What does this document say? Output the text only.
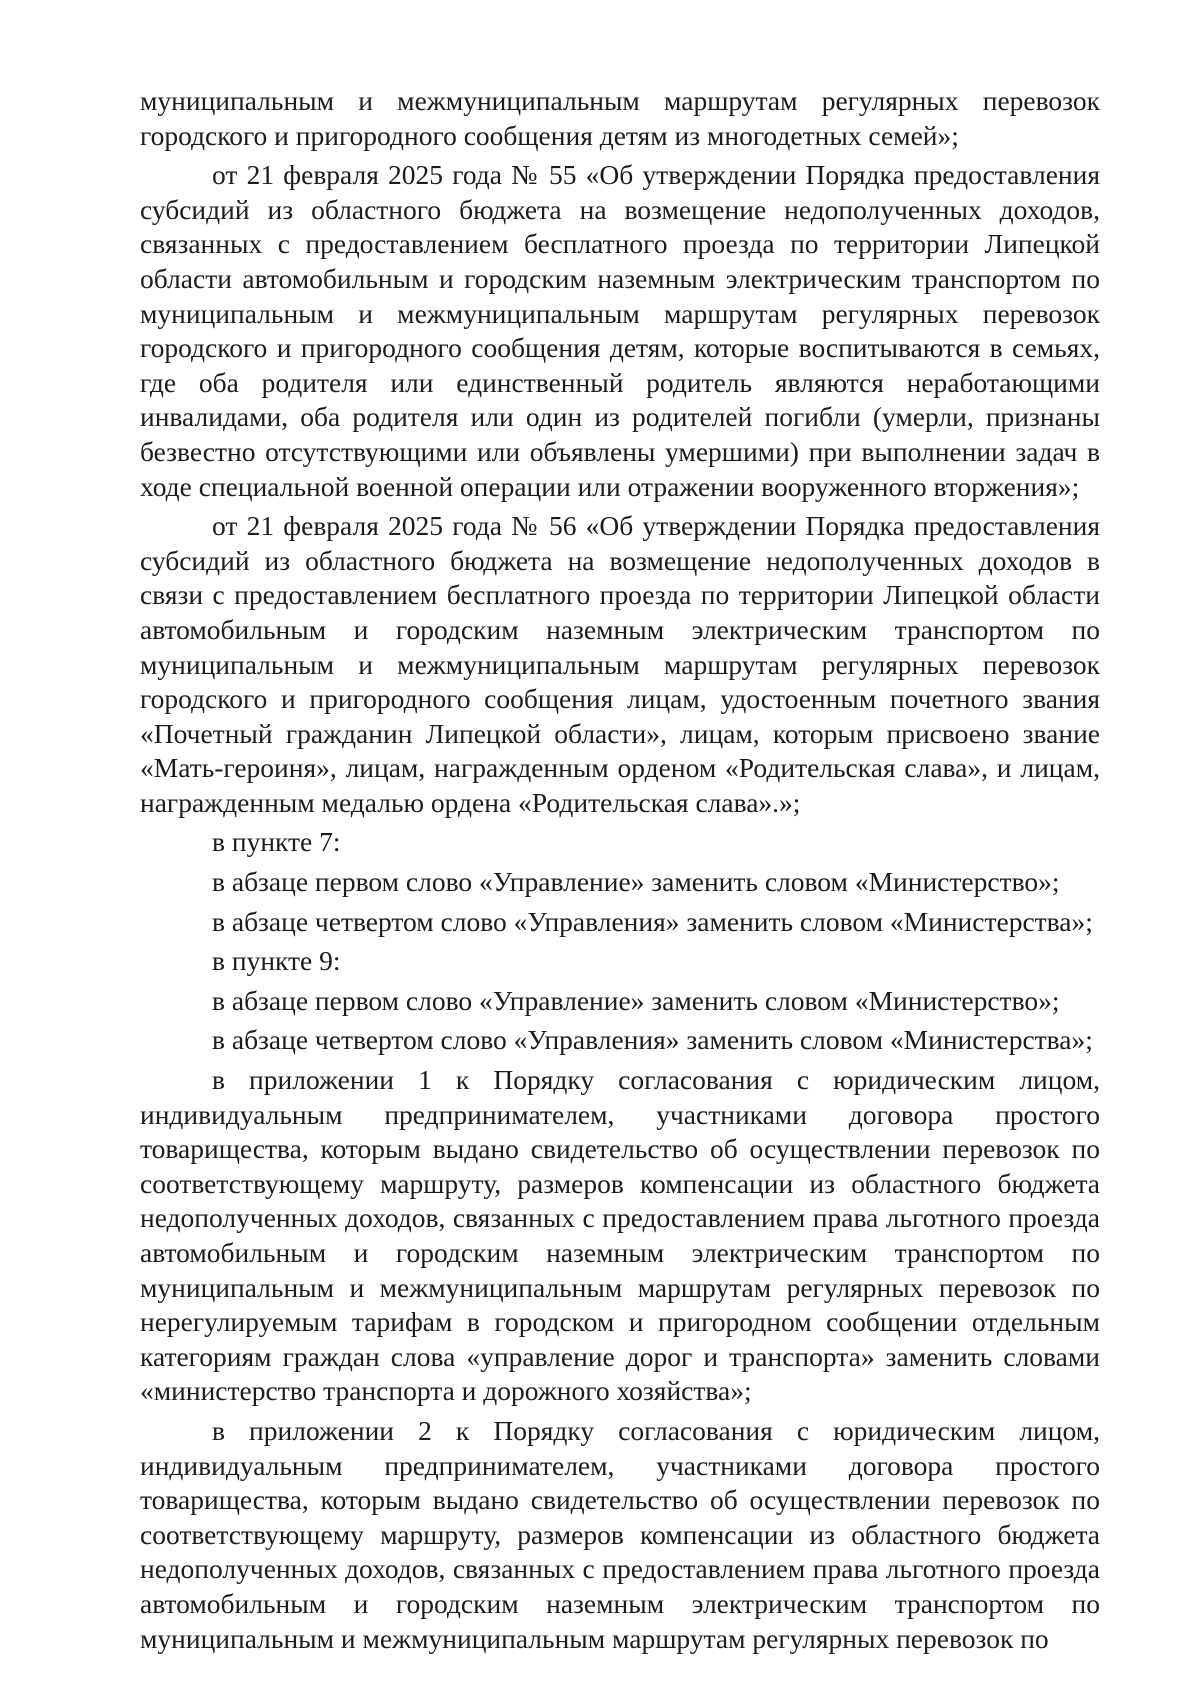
муниципальным и межмуниципальным маршрутам регулярных перевозок городского и пригородного сообщения детям из многодетных семей»;

от 21 февраля 2025 года № 55 «Об утверждении Порядка предоставления субсидий из областного бюджета на возмещение недополученных доходов, связанных с предоставлением бесплатного проезда по территории Липецкой области автомобильным и городским наземным электрическим транспортом по муниципальным и межмуниципальным маршрутам регулярных перевозок городского и пригородного сообщения детям, которые воспитываются в семьях, где оба родителя или единственный родитель являются неработающими инвалидами, оба родителя или один из родителей погибли (умерли, признаны безвестно отсутствующими или объявлены умершими) при выполнении задач в ходе специальной военной операции или отражении вооруженного вторжения»;

от 21 февраля 2025 года № 56 «Об утверждении Порядка предоставления субсидий из областного бюджета на возмещение недополученных доходов в связи с предоставлением бесплатного проезда по территории Липецкой области автомобильным и городским наземным электрическим транспортом по муниципальным и межмуниципальным маршрутам регулярных перевозок городского и пригородного сообщения лицам, удостоенным почетного звания «Почетный гражданин Липецкой области», лицам, которым присвоено звание «Мать-героиня», лицам, награжденным орденом «Родительская слава», и лицам, награжденным медалью ордена «Родительская слава».»;

в пункте 7:

в абзаце первом слово «Управление» заменить словом «Министерство»;

в абзаце четвертом слово «Управления» заменить словом «Министерства»;

в пункте 9:

в абзаце первом слово «Управление» заменить словом «Министерство»;

в абзаце четвертом слово «Управления» заменить словом «Министерства»;

в приложении 1 к Порядку согласования с юридическим лицом, индивидуальным предпринимателем, участниками договора простого товарищества, которым выдано свидетельство об осуществлении перевозок по соответствующему маршруту, размеров компенсации из областного бюджета недополученных доходов, связанных с предоставлением права льготного проезда автомобильным и городским наземным электрическим транспортом по муниципальным и межмуниципальным маршрутам регулярных перевозок по нерегулируемым тарифам в городском и пригородном сообщении отдельным категориям граждан слова «управление дорог и транспорта» заменить словами «министерство транспорта и дорожного хозяйства»;

в приложении 2 к Порядку согласования с юридическим лицом, индивидуальным предпринимателем, участниками договора простого товарищества, которым выдано свидетельство об осуществлении перевозок по соответствующему маршруту, размеров компенсации из областного бюджета недополученных доходов, связанных с предоставлением права льготного проезда автомобильным и городским наземным электрическим транспортом по муниципальным и межмуниципальным маршрутам регулярных перевозок по
